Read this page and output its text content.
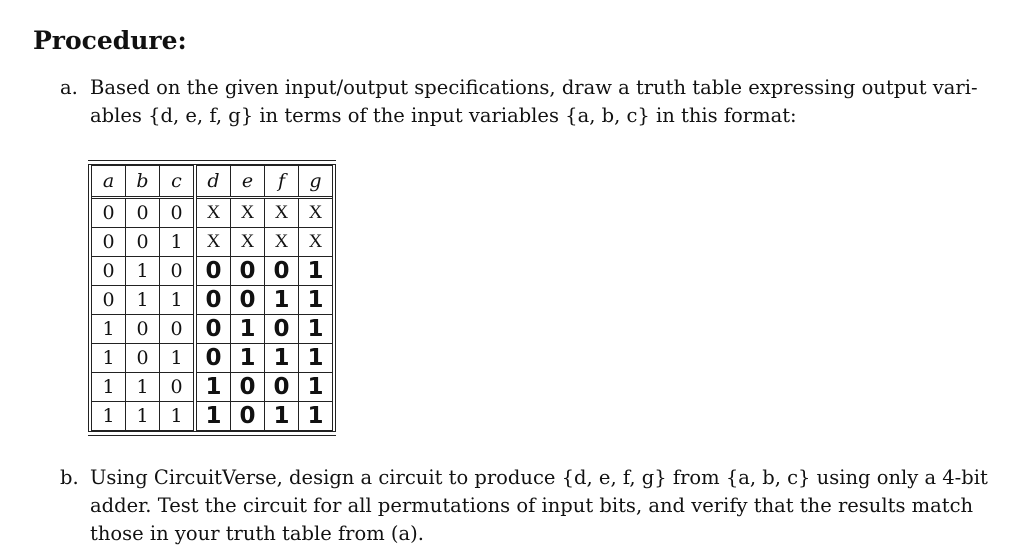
Procedure:
a. Based on the given input/output specifications, draw a truth table expressing output vari-
ables {d, e, f, g} in terms of the input variables {a, b, c} in this format:
a	b	c	d	e	f	g
0	0	0	X	X	X	X
0	0	1	X	X	X	X
0	1	0	0	0	0	1
0	1	1	0	0	1	1
1	0	0	0	1	0	1
1	0	1	0	1	1	1
1	1	0	1	0	0	1
1	1	1	1	0	1	1
b. Using CircuitVerse, design a circuit to produce {d, e, f, g} from {a, b, c} using only a 4-bit
adder. Test the circuit for all permutations of input bits, and verify that the results match
those in your truth table from (a).
